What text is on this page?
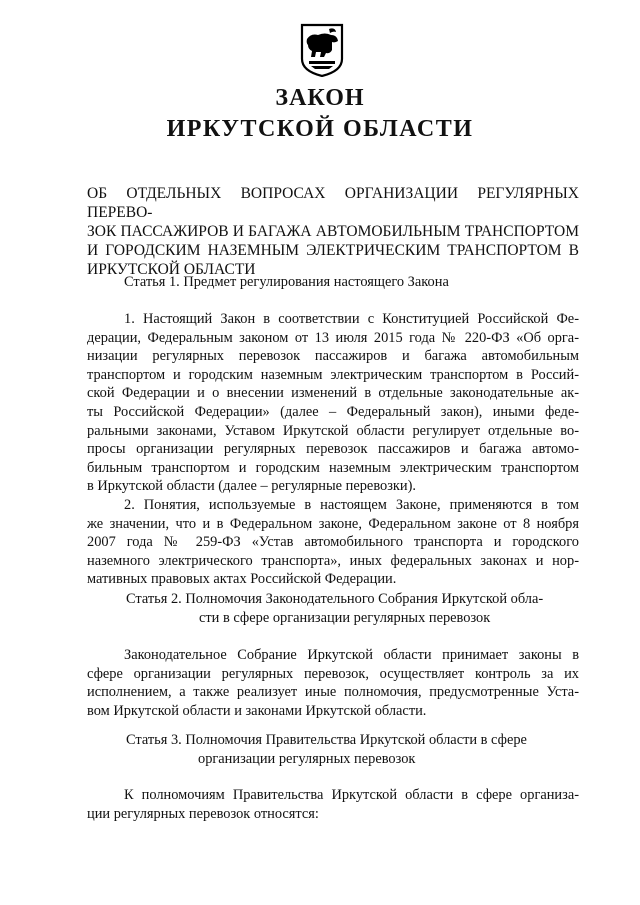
ЗАКОН
ИРКУТСКОЙ ОБЛАСТИ
ОБ ОТДЕЛЬНЫХ ВОПРОСАХ ОРГАНИЗАЦИИ РЕГУЛЯРНЫХ ПЕРЕВО-
ЗОК ПАССАЖИРОВ И БАГАЖА АВТОМОБИЛЬНЫМ ТРАНСПОРТОМ
И ГОРОДСКИМ НАЗЕМНЫМ ЭЛЕКТРИЧЕСКИМ ТРАНСПОРТОМ В
ИРКУТСКОЙ ОБЛАСТИ
Статья 1. Предмет регулирования настоящего Закона
1. Настоящий Закон в соответствии с Конституцией Российской Фе-
дерации, Федеральным законом от 13 июля 2015 года № 220-ФЗ «Об орга-
низации регулярных перевозок пассажиров и багажа автомобильным
транспортом и городским наземным электрическим транспортом в Россий-
ской Федерации и о внесении изменений в отдельные законодательные ак-
ты Российской Федерации» (далее – Федеральный закон), иными феде-
ральными законами, Уставом Иркутской области регулирует отдельные во-
просы организации регулярных перевозок пассажиров и багажа автомо-
бильным транспортом и городским наземным электрическим транспортом
в Иркутской области (далее – регулярные перевозки).
2. Понятия, используемые в настоящем Законе, применяются в том
же значении, что и в Федеральном законе, Федеральном законе от 8 ноября
2007 года № 259-ФЗ «Устав автомобильного транспорта и городского
наземного электрического транспорта», иных федеральных законах и нор-
мативных правовых актах Российской Федерации.
Статья 2. Полномочия Законодательного Собрания Иркутской обла-
сти в сфере организации регулярных перевозок
Законодательное Собрание Иркутской области принимает законы в
сфере организации регулярных перевозок, осуществляет контроль за их
исполнением, а также реализует иные полномочия, предусмотренные Уста-
вом Иркутской области и законами Иркутской области.
Статья 3. Полномочия Правительства Иркутской области в сфере
организации регулярных перевозок
К полномочиям Правительства Иркутской области в сфере организа-
ции регулярных перевозок относятся:
